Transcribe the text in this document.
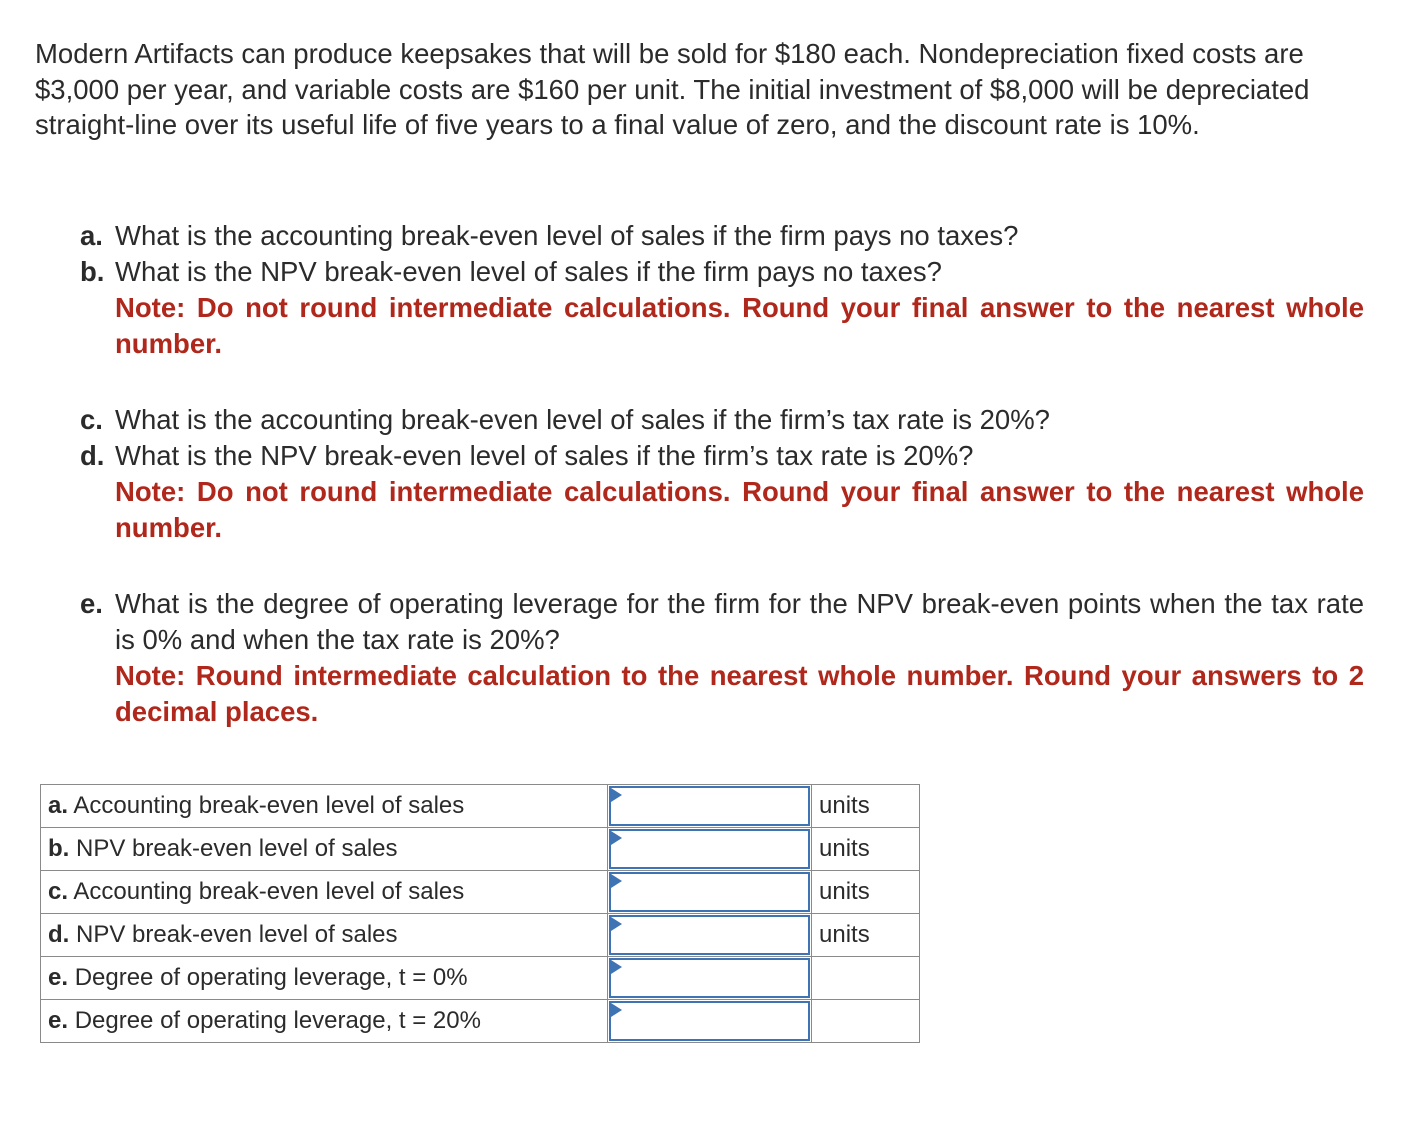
Modern Artifacts can produce keepsakes that will be sold for $180 each. Nondepreciation fixed costs are $3,000 per year, and variable costs are $160 per unit. The initial investment of $8,000 will be depreciated straight-line over its useful life of five years to a final value of zero, and the discount rate is 10%.

a. What is the accounting break-even level of sales if the firm pays no taxes?
b. What is the NPV break-even level of sales if the firm pays no taxes?

Note: Do not round intermediate calculations. Round your final answer to the nearest whole number.

c. What is the accounting break-even level of sales if the firm’s tax rate is 20%?
d. What is the NPV break-even level of sales if the firm’s tax rate is 20%?

Note: Do not round intermediate calculations. Round your final answer to the nearest whole number.

e. What is the degree of operating leverage for the firm for the NPV break-even points when the tax rate is 0% and when the tax rate is 20%?

Note: Round intermediate calculation to the nearest whole number. Round your answers to 2 decimal places.

a. Accounting break-even level of sales		units
b. NPV break-even level of sales		units
c. Accounting break-even level of sales		units
d. NPV break-even level of sales		units
e. Degree of operating leverage, t = 0%	

e. Degree of operating leverage, t = 20%	
